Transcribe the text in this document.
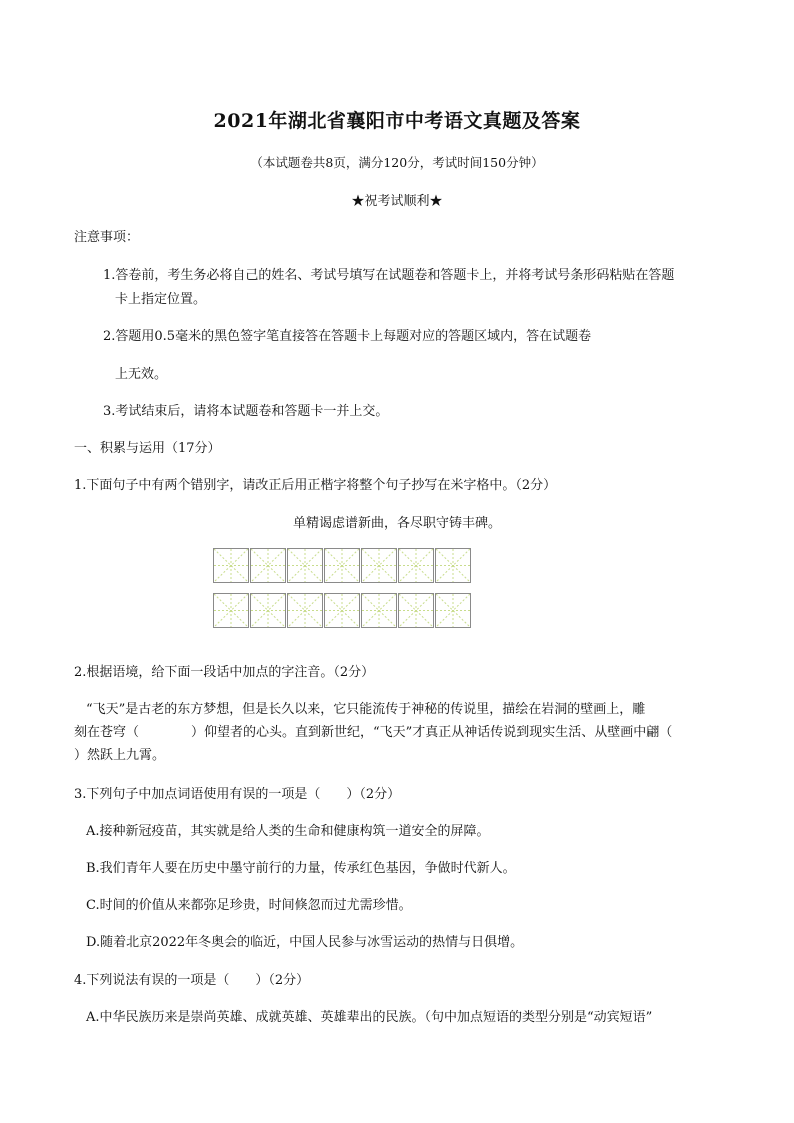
2021年湖北省襄阳市中考语文真题及答案
（本试题卷共8页，满分120分，考试时间150分钟）
★祝考试顺利★
注意事项：
1.答卷前，考生务必将自己的姓名、考试号填写在试题卷和答题卡上，并将考试号条形码粘贴在答题
卡上指定位置。
2.答题用0.5毫米的黑色签字笔直接答在答题卡上每题对应的答题区域内，答在试题卷
上无效。
3.考试结束后，请将本试题卷和答题卡一并上交。
一、积累与运用（17分）
1.下面句子中有两个错别字，请改正后用正楷字将整个句子抄写在米字格中。（2分）
单精谒虑谱新曲，各尽职守铸丰碑。
2.根据语境，给下面一段话中加点的字注音。（2分）
“飞天”是古老的东方梦想，但是长久以来，它只能流传于神秘的传说里，描绘在岩洞的壁画上，雕
刻在苍穹（　　　　）仰望者的心头。直到新世纪，“飞天”才真正从神话传说到现实生活、从壁画中翩（
）然跃上九霄。
3.下列句子中加点词语使用有误的一项是（　　）（2分）
A.接种新冠疫苗，其实就是给人类的生命和健康构筑一道安全的屏障。
B.我们青年人要在历史中墨守前行的力量，传承红色基因，争做时代新人。
C.时间的价值从来都弥足珍贵，时间倏忽而过尤需珍惜。
D.随着北京2022年冬奥会的临近，中国人民参与冰雪运动的热情与日俱增。
4.下列说法有误的一项是（　　）（2分）
A.中华民族历来是崇尚英雄、成就英雄、英雄辈出的民族。（句中加点短语的类型分别是“动宾短语”
